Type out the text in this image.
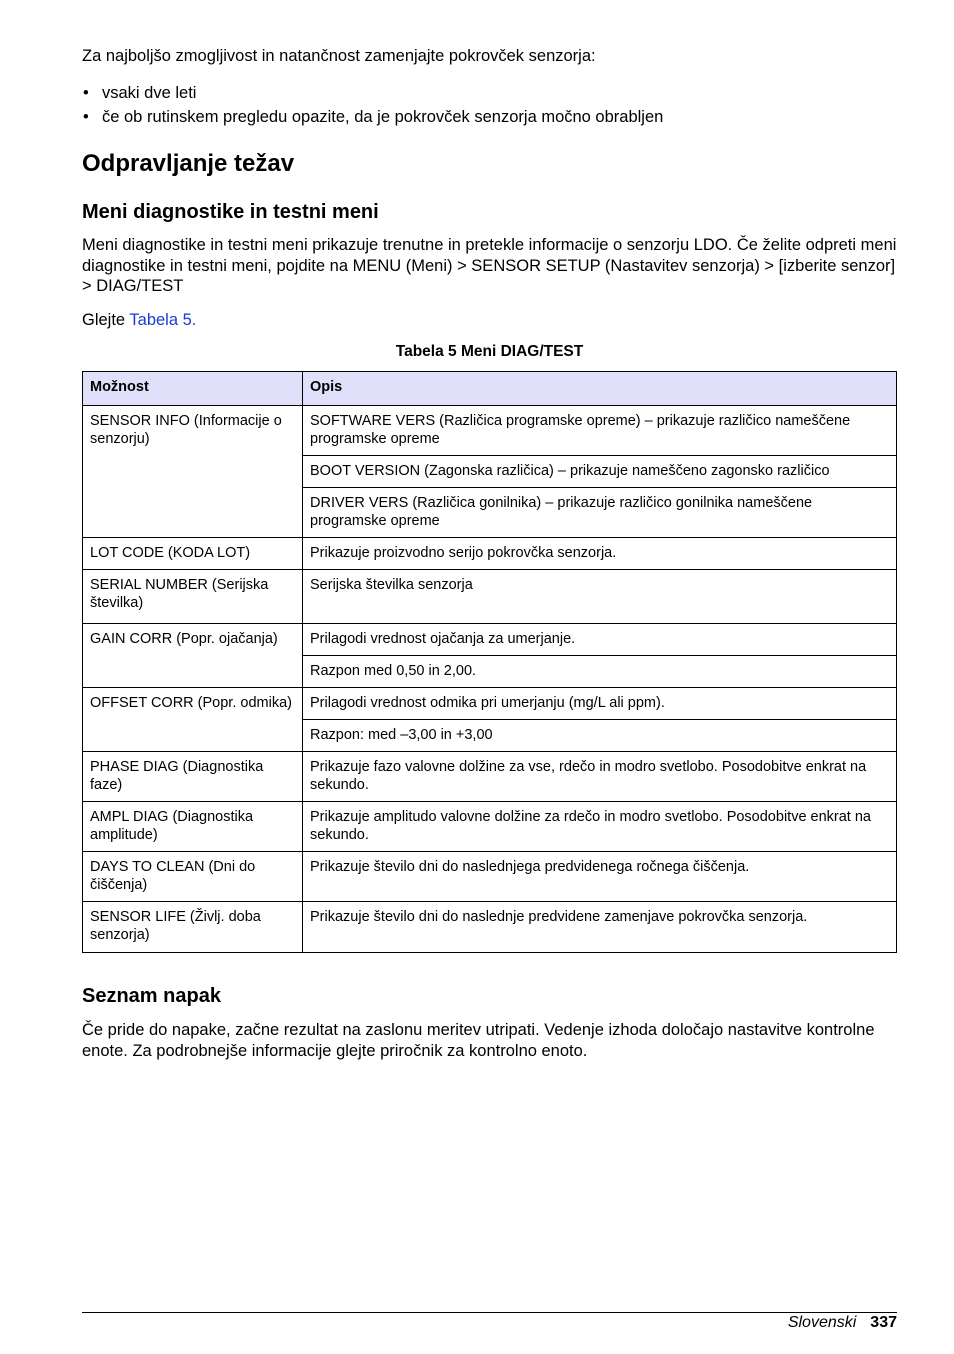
Za najboljšo zmogljivost in natančnost zamenjajte pokrovček senzorja:

• vsaki dve leti
• če ob rutinskem pregledu opazite, da je pokrovček senzorja močno obrabljen
Odpravljanje težav
Meni diagnostike in testni meni

Meni diagnostike in testni meni prikazuje trenutne in pretekle informacije o senzorju LDO. Če želite odpreti meni diagnostike in testni meni, pojdite na MENU (Meni) > SENSOR SETUP (Nastavitev senzorja) > [izberite senzor] > DIAG/TEST

Glejte Tabela 5.

Tabela 5 Meni DIAG/TEST
Možnost	Opis
SENSOR INFO (Informacije o senzorju)	SOFTWARE VERS (Različica programske opreme) – prikazuje različico nameščene programske opreme
	BOOT VERSION (Zagonska različica) – prikazuje nameščeno zagonsko različico
	DRIVER VERS (Različica gonilnika) – prikazuje različico gonilnika nameščene programske opreme
LOT CODE (KODA LOT)	Prikazuje proizvodno serijo pokrovčka senzorja.
SERIAL NUMBER (Serijska številka)	Serijska številka senzorja
GAIN CORR (Popr. ojačanja)	Prilagodi vrednost ojačanja za umerjanje.
	Razpon med 0,50 in 2,00.
OFFSET CORR (Popr. odmika)	Prilagodi vrednost odmika pri umerjanju (mg/L ali ppm).
	Razpon: med –3,00 in +3,00
PHASE DIAG (Diagnostika faze)	Prikazuje fazo valovne dolžine za vse, rdečo in modro svetlobo. Posodobitve enkrat na sekundo.
AMPL DIAG (Diagnostika amplitude)	Prikazuje amplitudo valovne dolžine za rdečo in modro svetlobo. Posodobitve enkrat na sekundo.
DAYS TO CLEAN (Dni do čiščenja)	Prikazuje število dni do naslednjega predvidenega ročnega čiščenja.
SENSOR LIFE (Življ. doba senzorja)	Prikazuje število dni do naslednje predvidene zamenjave pokrovčka senzorja.
Seznam napak

Če pride do napake, začne rezultat na zaslonu meritev utripati. Vedenje izhoda določajo nastavitve kontrolne enote. Za podrobnejše informacije glejte priročnik za kontrolno enoto.

Slovenski 337
